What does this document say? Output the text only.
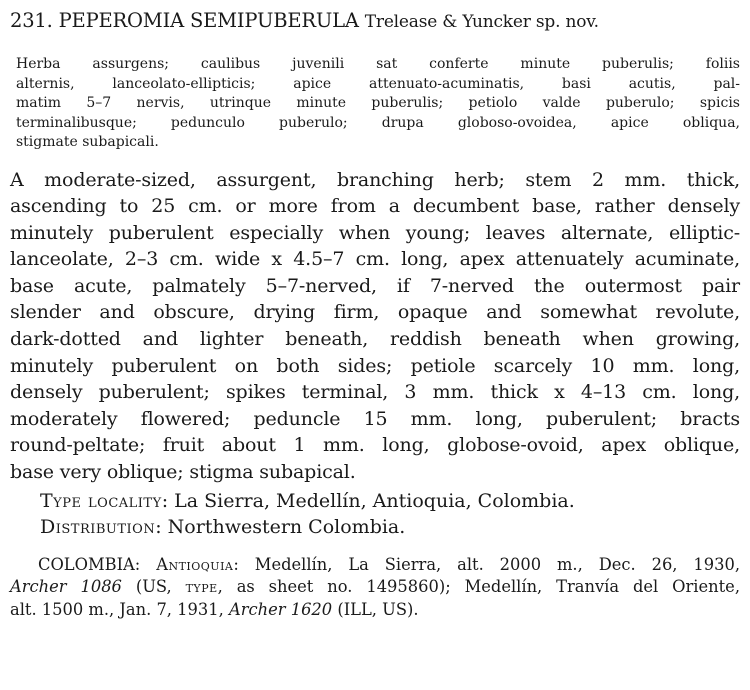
231. PEPEROMIA SEMIPUBERULA Trelease & Yuncker sp. nov.
Herba assurgens; caulibus juvenili sat conferte minute puberulis; foliis
alternis, lanceolato-ellipticis; apice attenuato-acuminatis, basi acutis, pal-
matim 5–7 nervis, utrinque minute puberulis; petiolo valde puberulo; spicis
terminalibusque; pedunculo puberulo; drupa globoso-ovoidea, apice obliqua,
stigmate subapicali.
A moderate-sized, assurgent, branching herb; stem 2 mm. thick,
ascending to 25 cm. or more from a decumbent base, rather densely
minutely puberulent especially when young; leaves alternate, elliptic-
lanceolate, 2–3 cm. wide x 4.5–7 cm. long, apex attenuately acuminate,
base acute, palmately 5–7-nerved, if 7-nerved the outermost pair
slender and obscure, drying firm, opaque and somewhat revolute,
dark-dotted and lighter beneath, reddish beneath when growing,
minutely puberulent on both sides; petiole scarcely 10 mm. long,
densely puberulent; spikes terminal, 3 mm. thick x 4–13 cm. long,
moderately flowered; peduncle 15 mm. long, puberulent; bracts
round-peltate; fruit about 1 mm. long, globose-ovoid, apex oblique,
base very oblique; stigma subapical.
Type locality: La Sierra, Medellín, Antioquia, Colombia.
Distribution: Northwestern Colombia.
COLOMBIA: Antioquia: Medellín, La Sierra, alt. 2000 m., Dec. 26, 1930,
Archer 1086 (US, type, as sheet no. 1495860); Medellín, Tranvía del Oriente,
alt. 1500 m., Jan. 7, 1931, Archer 1620 (ILL, US).
